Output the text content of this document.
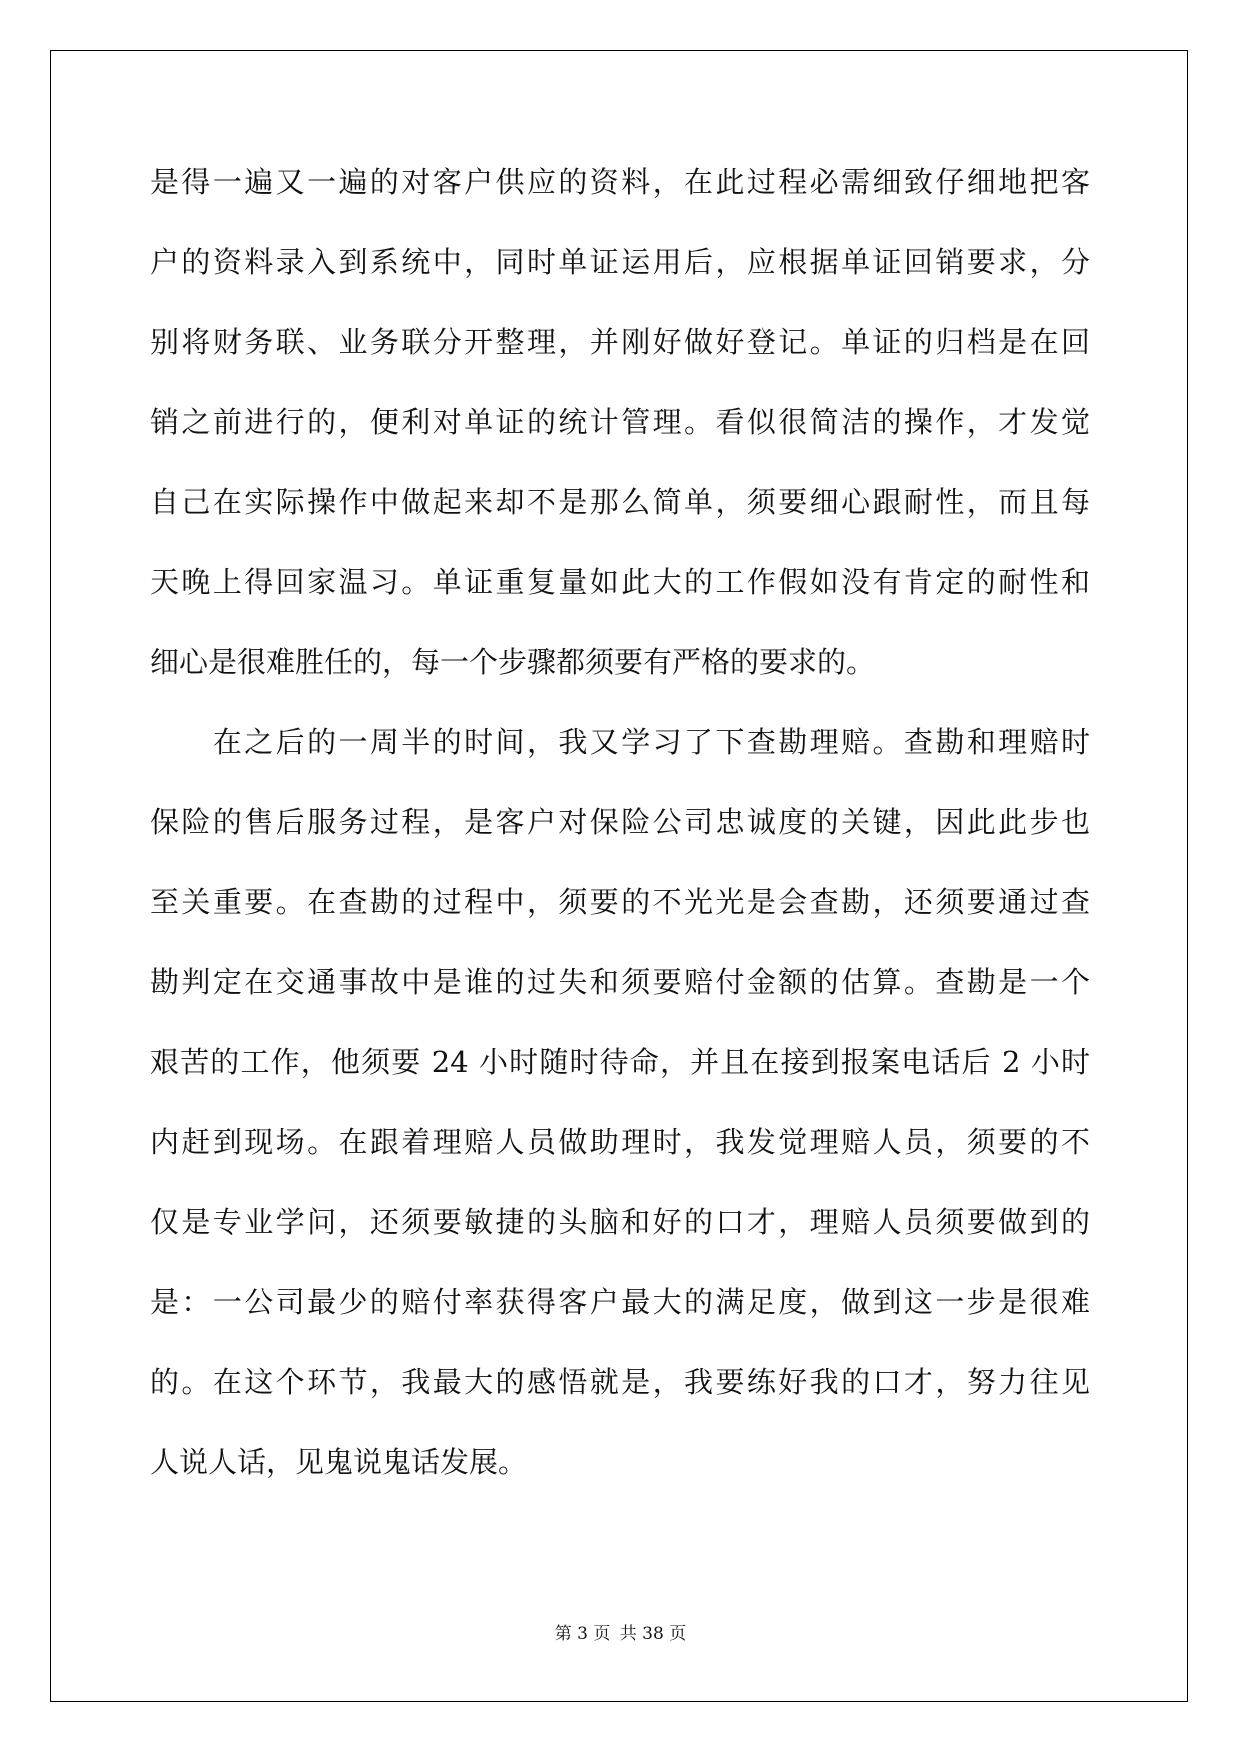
是得一遍又一遍的对客户供应的资料，在此过程必需细致仔细地把客
户的资料录入到系统中，同时单证运用后，应根据单证回销要求，分
别将财务联、业务联分开整理，并刚好做好登记。单证的归档是在回
销之前进行的，便利对单证的统计管理。看似很简洁的操作，才发觉
自己在实际操作中做起来却不是那么简单，须要细心跟耐性，而且每
天晚上得回家温习。单证重复量如此大的工作假如没有肯定的耐性和
细心是很难胜任的，每一个步骤都须要有严格的要求的。
　　在之后的一周半的时间，我又学习了下查勘理赔。查勘和理赔时
保险的售后服务过程，是客户对保险公司忠诚度的关键，因此此步也
至关重要。在查勘的过程中，须要的不光光是会查勘，还须要通过查
勘判定在交通事故中是谁的过失和须要赔付金额的估算。查勘是一个
艰苦的工作，他须要 24 小时随时待命，并且在接到报案电话后 2 小时
内赶到现场。在跟着理赔人员做助理时，我发觉理赔人员，须要的不
仅是专业学问，还须要敏捷的头脑和好的口才，理赔人员须要做到的
是：一公司最少的赔付率获得客户最大的满足度，做到这一步是很难
的。在这个环节，我最大的感悟就是，我要练好我的口才，努力往见
人说人话，见鬼说鬼话发展。
第 3 页 共 38 页
